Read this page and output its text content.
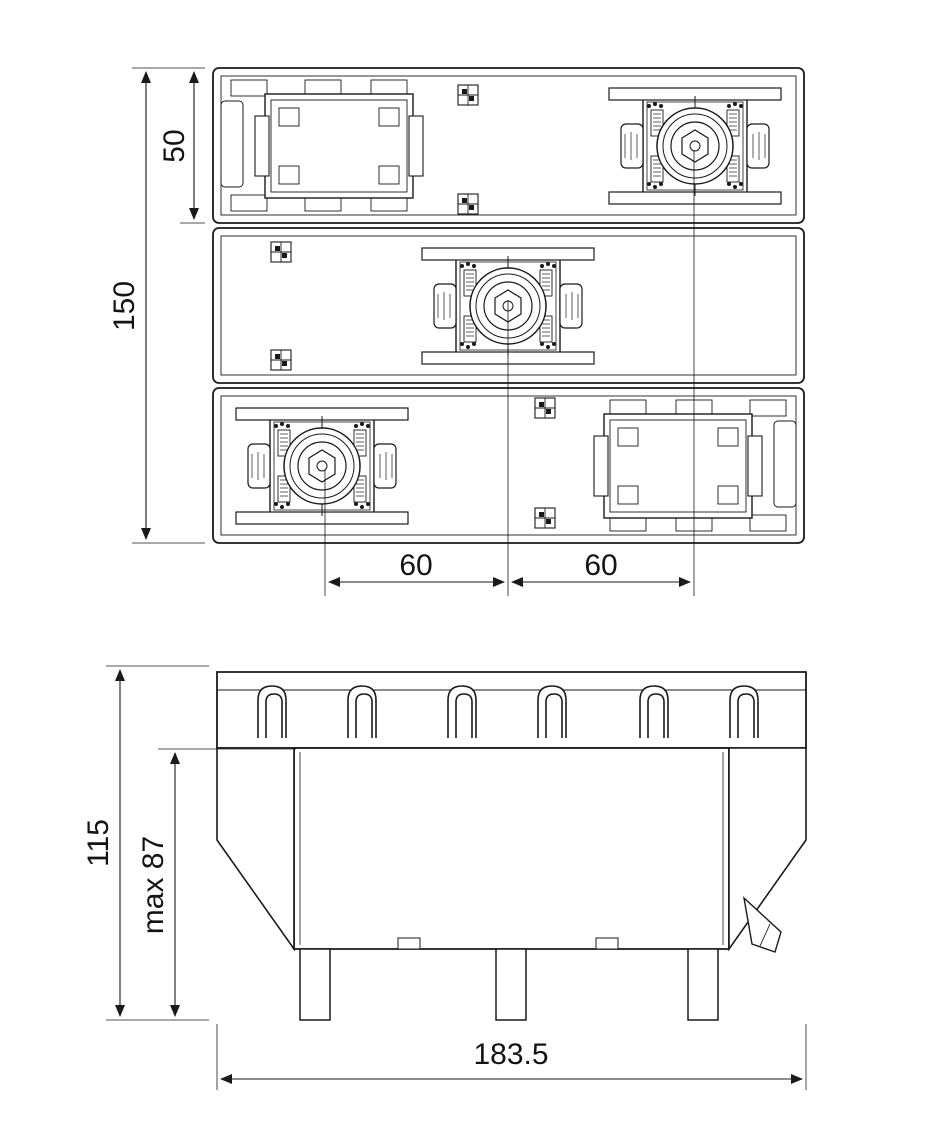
50
150
60	60
115 max 87
183.5
